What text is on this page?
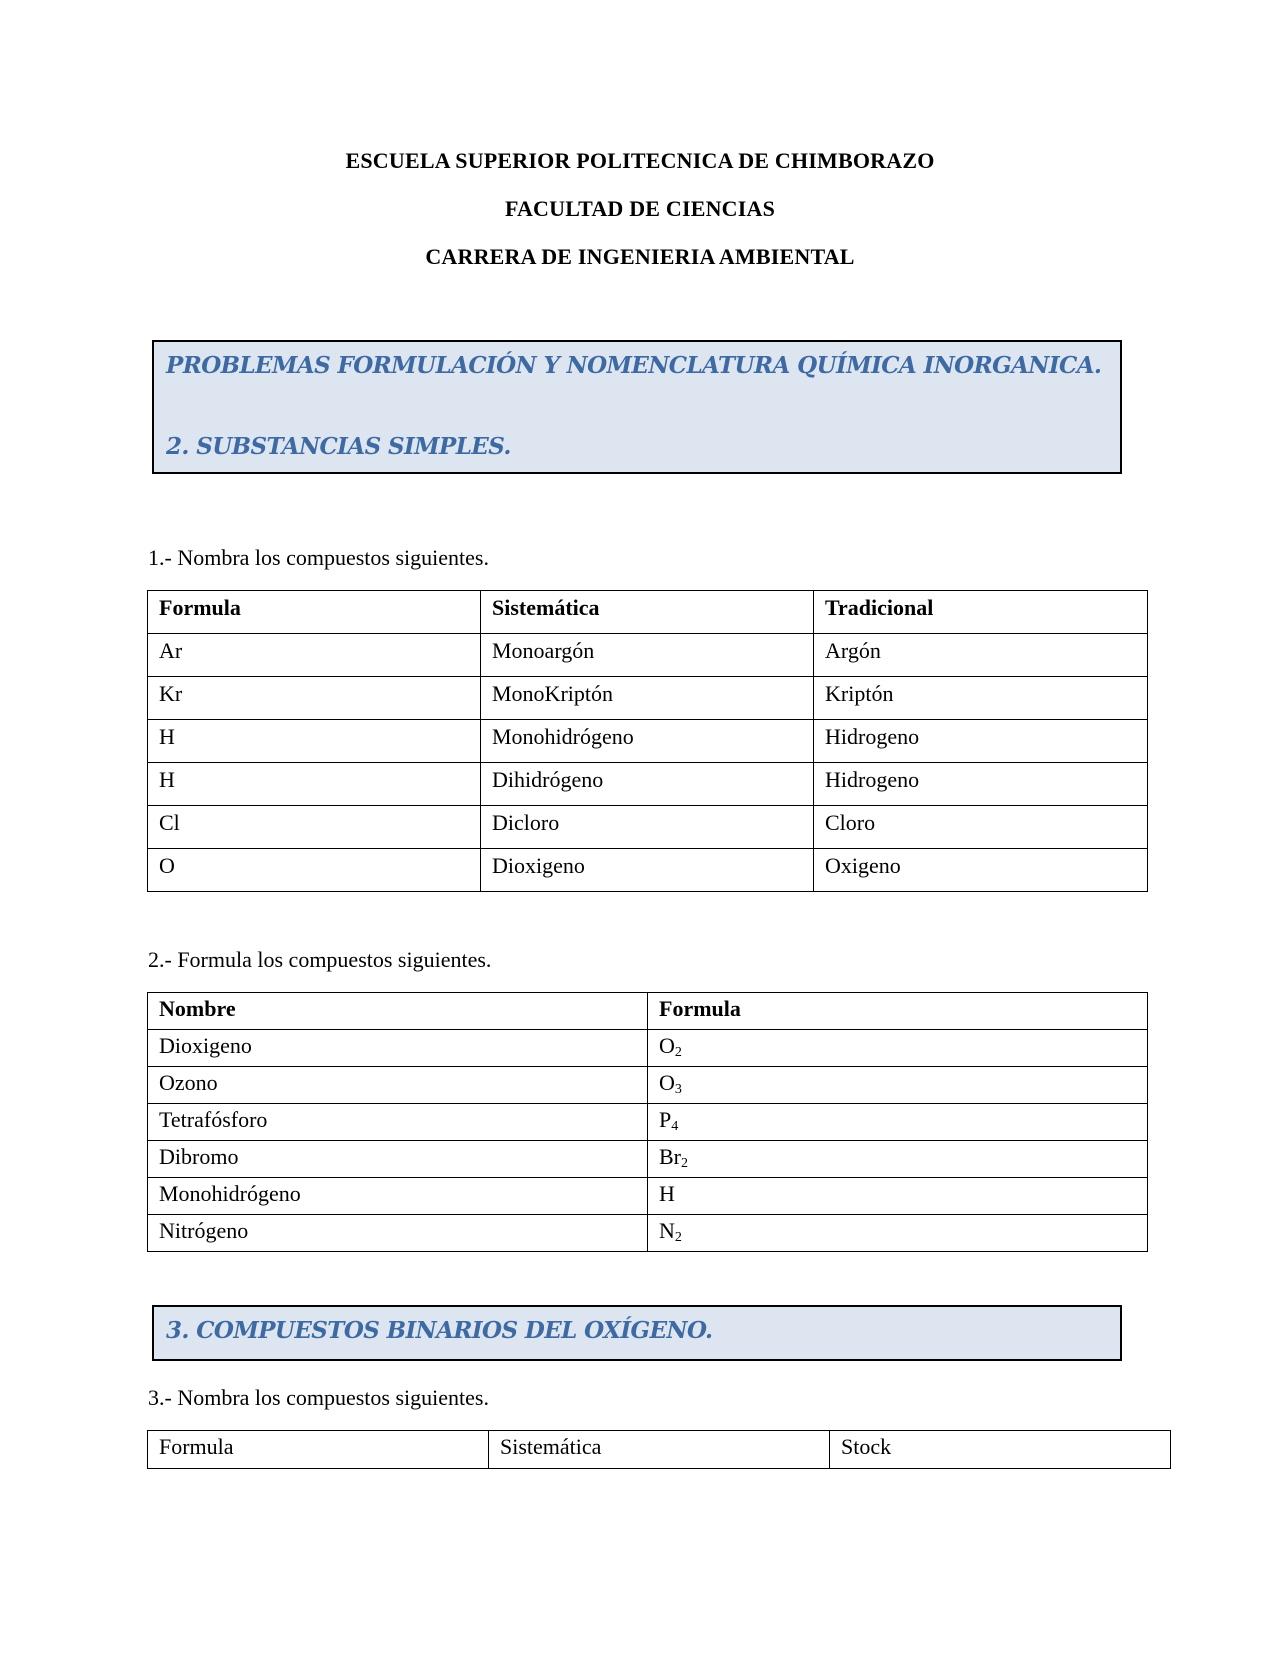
ESCUELA SUPERIOR POLITECNICA DE CHIMBORAZO
FACULTAD DE CIENCIAS
CARRERA DE INGENIERIA AMBIENTAL
PROBLEMAS FORMULACIÓN Y NOMENCLATURA QUÍMICA INORGANICA.
2. SUBSTANCIAS SIMPLES.
1.- Nombra los compuestos siguientes.
Formula	Sistemática	Tradicional
Ar	Monoargón	Argón
Kr	MonoKriptón	Kriptón
H	Monohidrógeno	Hidrogeno
H	Dihidrógeno	Hidrogeno
Cl	Dicloro	Cloro
O	Dioxigeno	Oxigeno
2.- Formula los compuestos siguientes.
Nombre	Formula
Dioxigeno	$O_2$
Ozono	$O_3$
Tetrafósforo	$P_4$
Dibromo	$Br_2$
Monohidrógeno	H
Nitrógeno	$N_2$
3. COMPUESTOS BINARIOS DEL OXÍGENO.
3.- Nombra los compuestos siguientes.
Formula	Sistemática	Stock
